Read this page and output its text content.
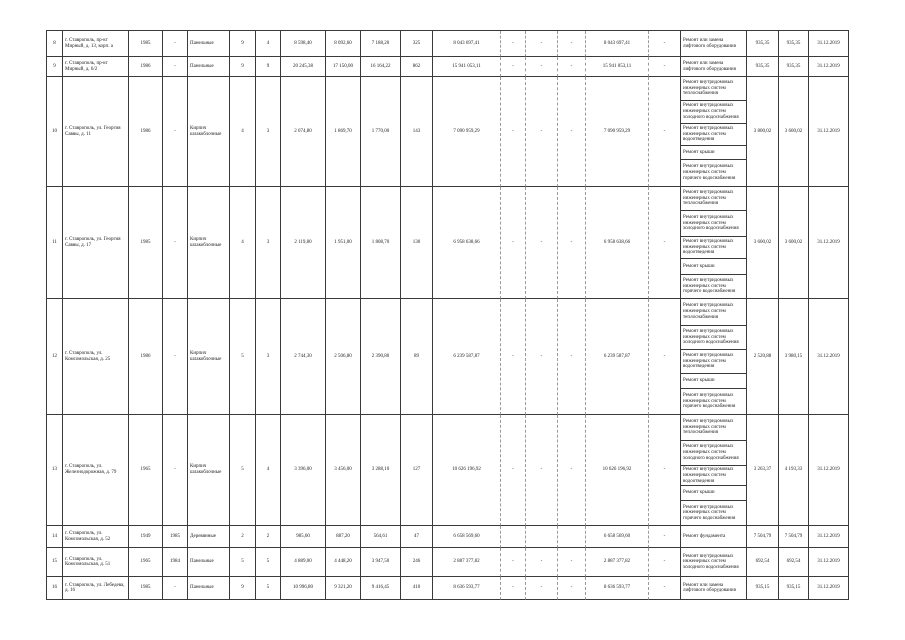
8	г. Ставрополь, пр-кт Мирный, д. 13, корп. а	1985	-	Панельные	9	4	8 598,40	8 092,60	7 188,20	325	8 043 697,41	-	-	-	8 043 697,41	-	Ремонт или замена лифтового оборудования	935,35	935,35	31.12.2019
9	г. Ставрополь, пр-кт Мирный, д. 6/2	1986	-	Панельные	9	9	20 245,38	17 150,00	16 164,22	862	15 941 053,11	-	-	-	15 941 053,11	-	Ремонт или замена лифтового оборудования	935,35	935,35	31.12.2019
10	г. Ставрополь, ул. Георгия Саввы, д. 11	1986	-	Кирпич шлакоблочные	4	3	2 074,80	1 869,70	1 770,00	143	7 090 959,29	-	-	-	7 090 959,29	-	Ремонт внутридомовых инженерных систем теплоснабжения	3 800,02	3 600,02	31.12.2019
																	Ремонт внутридомовых инженерных систем холодного водоснабжения			
																	Ремонт внутридомовых инженерных систем водоотведения			
																	Ремонт крыши			
																	Ремонт внутридомовых инженерных систем горячего водоснабжения			
11	г. Ставрополь, ул. Георгия Саввы, д. 17	1985	-	Кирпич шлакоблочные	4	3	2 119,80	1 951,00	1 808,70	130	6 958 638,66	-	-	-	6 958 638,66	-	Ремонт внутридомовых инженерных систем теплоснабжения	3 600,02	3 600,02	31.12.2019
																	Ремонт внутридомовых инженерных систем холодного водоснабжения			
																	Ремонт внутридомовых инженерных систем водоотведения			
																	Ремонт крыши			
																	Ремонт внутридомовых инженерных систем горячего водоснабжения			
12	г. Ставрополь, ул. Комсомольская, д. 25	1986	-	Кирпич шлакоблочные	5	3	2 744,30	2 506,80	2 390,80	89	6 239 587,87	-	-	-	6 239 587,87	-	Ремонт внутридомовых инженерных систем теплоснабжения	2 520,88	3 980,15	31.12.2019
																	Ремонт внутридомовых инженерных систем холодного водоснабжения			
																	Ремонт внутридомовых инженерных систем водоотведения			
																	Ремонт крыши			
																	Ремонт внутридомовых инженерных систем горячего водоснабжения			
13	г. Ставрополь, ул. Железнодорожная, д. 79	1965	-	Кирпич шлакоблочные	5	4	3 396,00	3 456,00	3 288,10	127	10 626 196,92	-	-	-	10 626 196,92	-	Ремонт внутридомовых инженерных систем теплоснабжения	3 263,37	4 193,33	31.12.2019
																	Ремонт внутридомовых инженерных систем холодного водоснабжения			
																	Ремонт внутридомовых инженерных систем водоотведения			
																	Ремонт крыши			
																	Ремонт внутридомовых инженерных систем горячего водоснабжения			
14	г. Ставрополь, ул. Комсомольская, д. 52	1949	1985	Деревянные	2	2	985,60	887,20	564,61	47	6 658 569,60				6 658 569,60	-	Ремонт фундамента	7 504,79	7 504,79	31.12.2019
15	г. Ставрополь, ул. Комсомольская, д. 51	1965	1984	Панельные	5	5	4 889,00	4 448,20	3 947,50	246	2 887 377,82	-	-	-	2 887 377,82	-	Ремонт внутридомовых инженерных систем холодного водоснабжения	692,54	692,54	31.12.2019
16	г. Ставрополь, ул. Лебедева, д. 16	1985	-	Панельные	9	5	10 996,80	9 321,20	9 416,45	410	8 636 593,77	-	-	-	8 636 593,77	-	Ремонт или замена лифтового оборудования	935,15	935,15	31.12.2019
